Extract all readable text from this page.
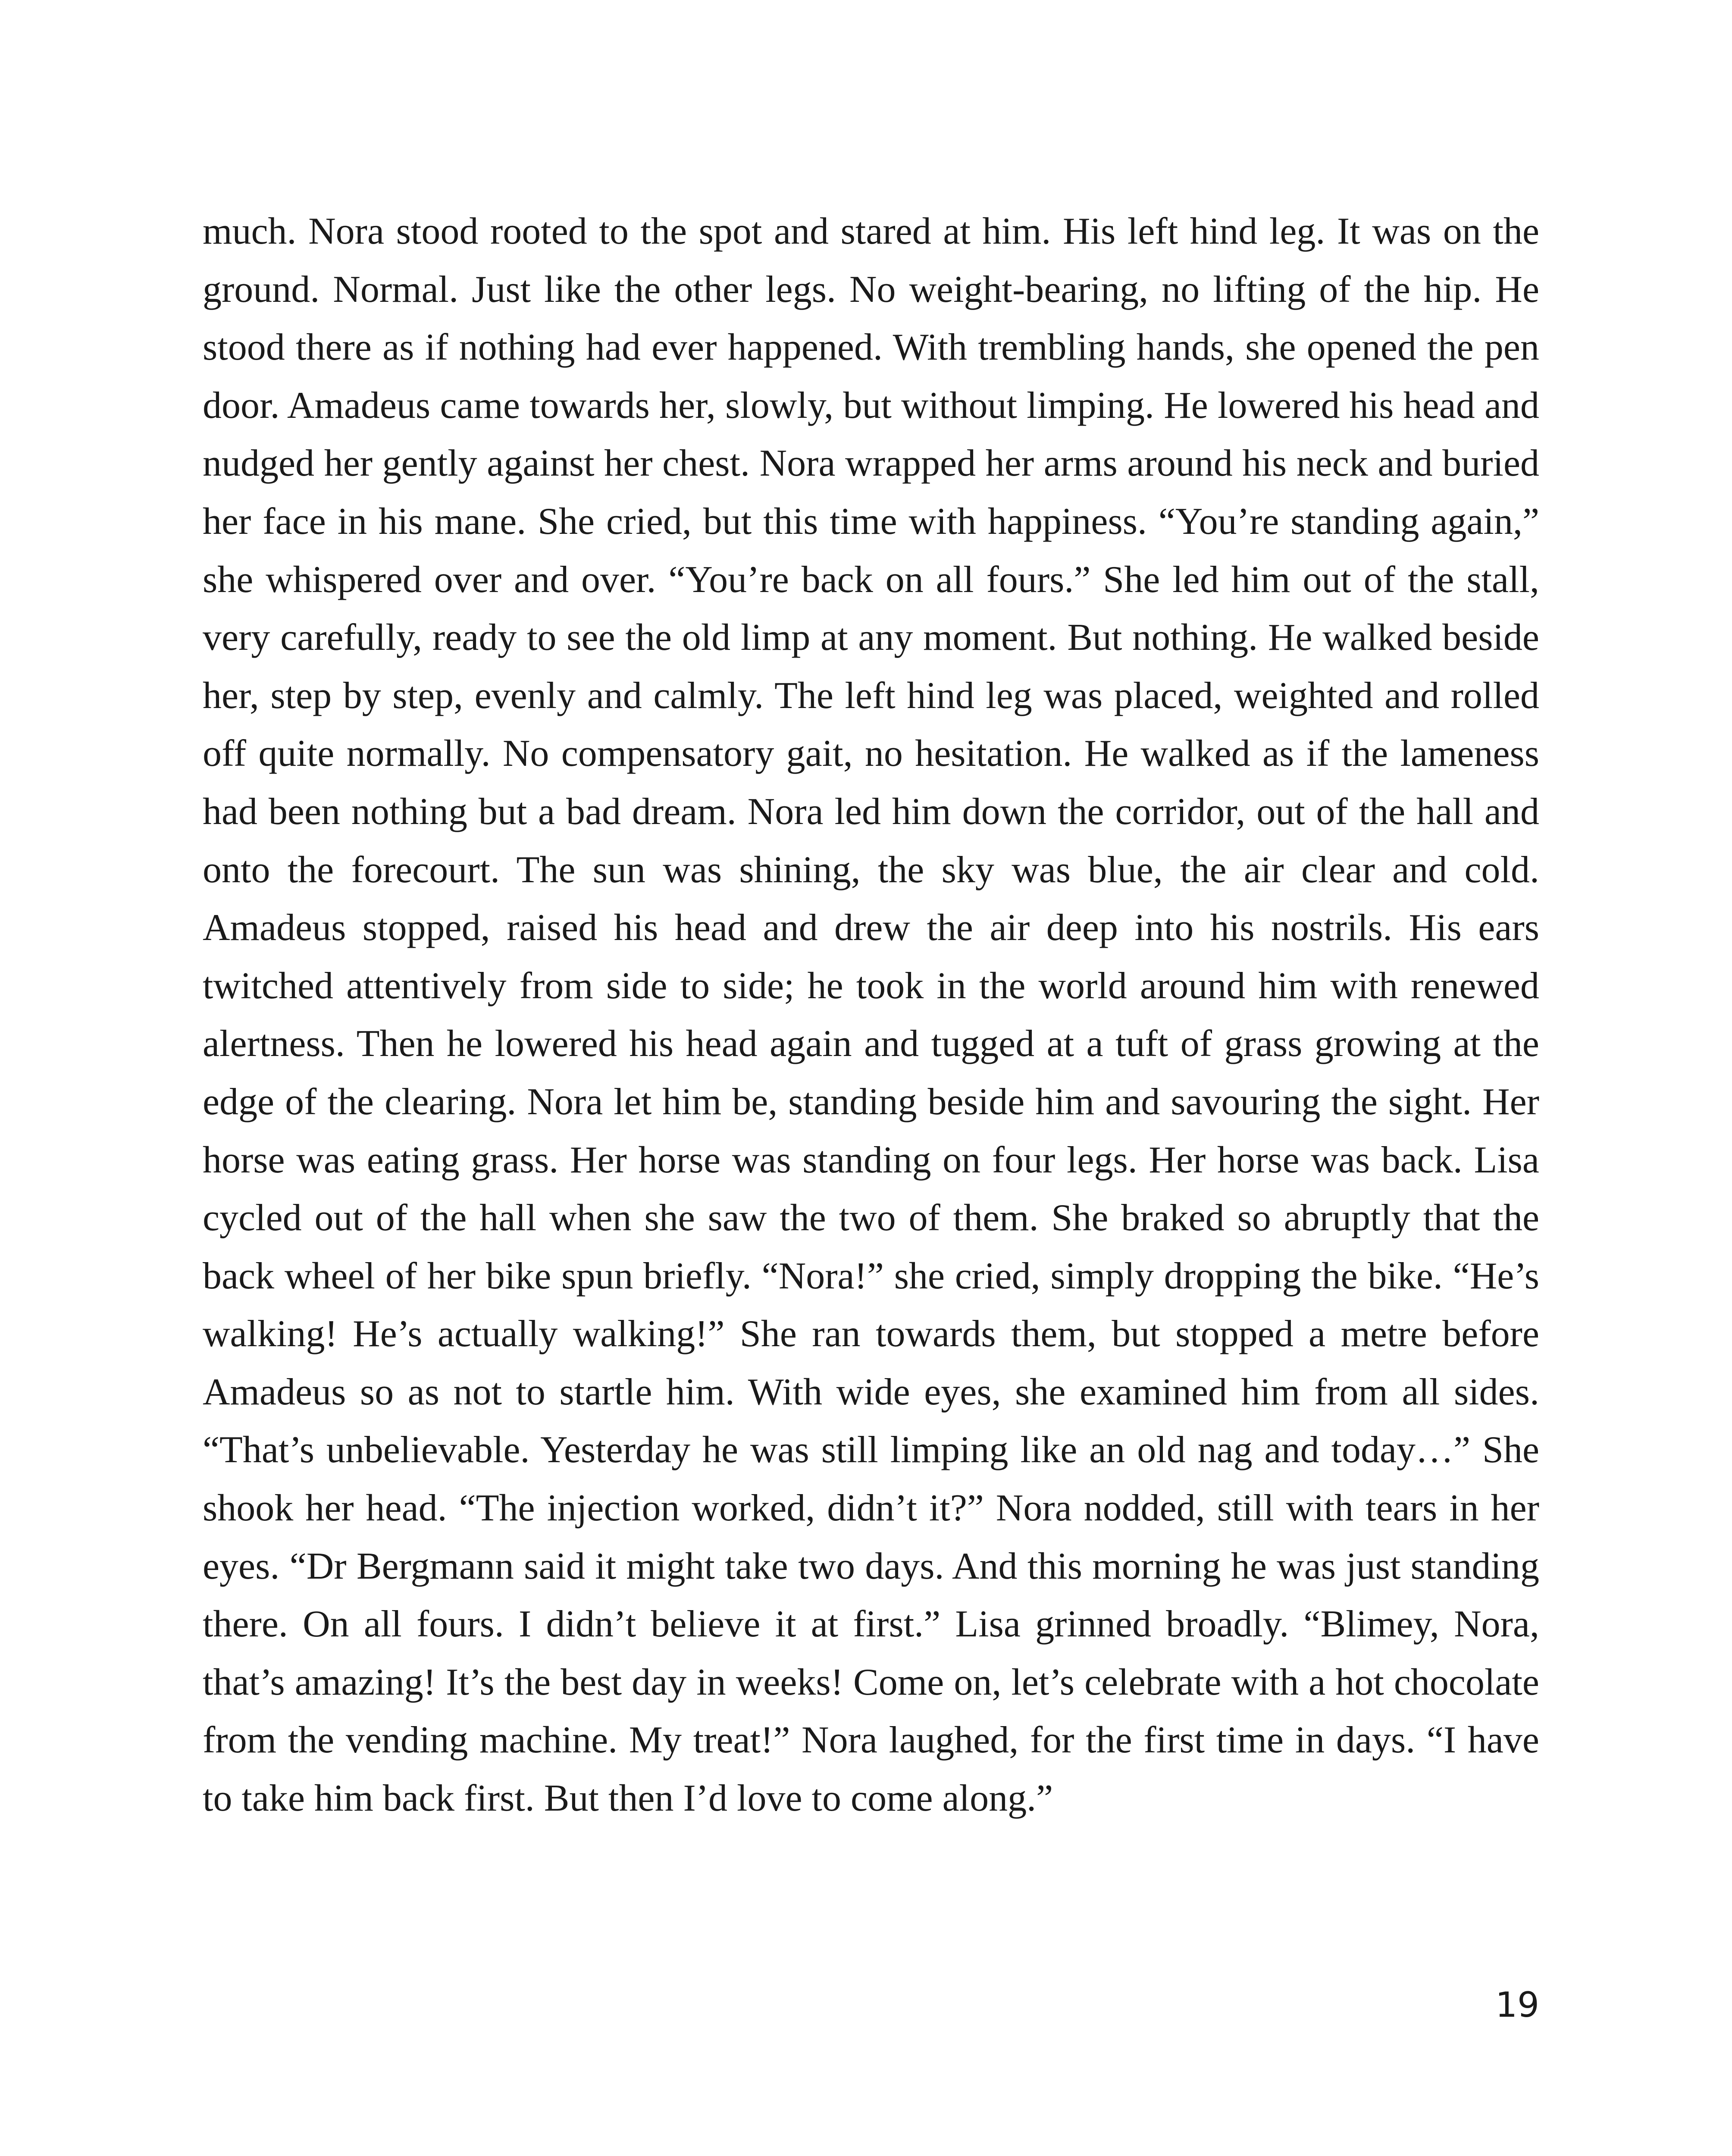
much. Nora stood rooted to the spot and stared at him. His left hind leg. It was on the ground. Normal. Just like the other legs. No weight-bearing, no lifting of the hip. He stood there as if nothing had ever happened. With trembling hands, she opened the pen door. Amadeus came towards her, slowly, but without limping. He lowered his head and nudged her gently against her chest. Nora wrapped her arms around his neck and buried her face in his mane. She cried, but this time with happiness. “You’re standing again,” she whispered over and over. “You’re back on all fours.” She led him out of the stall, very carefully, ready to see the old limp at any moment. But nothing. He walked beside her, step by step, evenly and calmly. The left hind leg was placed, weighted and rolled off quite normally. No compensatory gait, no hesitation. He walked as if the lameness had been nothing but a bad dream. Nora led him down the corridor, out of the hall and onto the forecourt. The sun was shining, the sky was blue, the air clear and cold. Amadeus stopped, raised his head and drew the air deep into his nostrils. His ears twitched attentively from side to side; he took in the world around him with renewed alertness. Then he lowered his head again and tugged at a tuft of grass growing at the edge of the clearing. Nora let him be, standing beside him and savouring the sight. Her horse was eating grass. Her horse was standing on four legs. Her horse was back. Lisa cycled out of the hall when she saw the two of them. She braked so abruptly that the back wheel of her bike spun briefly. “Nora!” she cried, simply dropping the bike. “He’s walking! He’s actually walking!” She ran towards them, but stopped a metre before Amadeus so as not to startle him. With wide eyes, she examined him from all sides. “That’s unbelievable. Yesterday he was still limping like an old nag and today…” She shook her head. “The injection worked, didn’t it?” Nora nodded, still with tears in her eyes. “Dr Bergmann said it might take two days. And this morning he was just standing there. On all fours. I didn’t believe it at first.” Lisa grinned broadly. “Blimey, Nora, that’s amazing! It’s the best day in weeks! Come on, let’s celebrate with a hot chocolate from the vending machine. My treat!” Nora laughed, for the first time in days. “I have to take him back first. But then I’d love to come along.”

19
